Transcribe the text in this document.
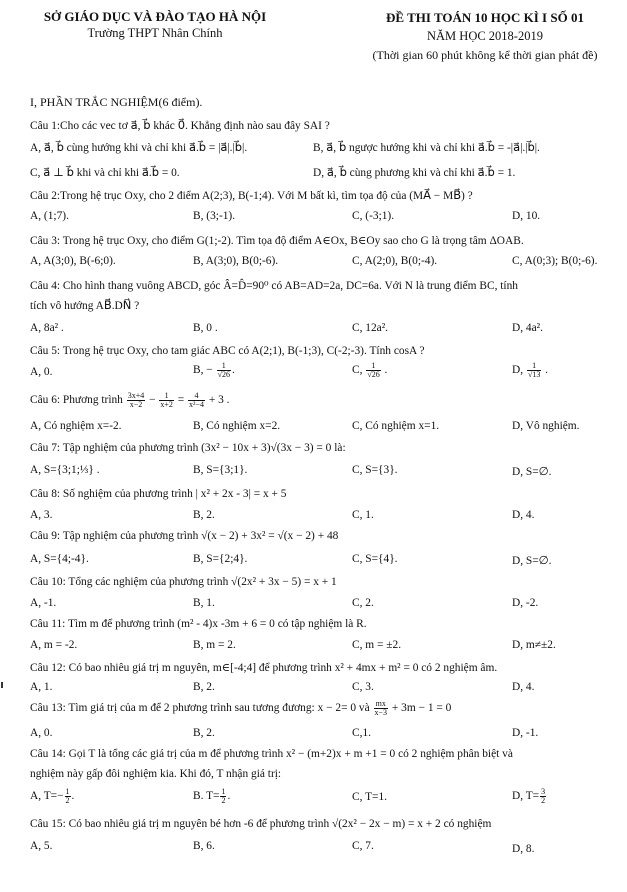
SỞ GIÁO DỤC VÀ ĐÀO TẠO HÀ NỘI
Trường THPT Nhân Chính
ĐỀ THI TOÁN 10 HỌC KÌ I SỐ 01
NĂM HỌC 2018-2019
(Thời gian 60 phút không kể thời gian phát đề)
I, PHẦN TRẮC NGHIỆM(6 điểm).
Câu 1:Cho các vec tơ a⃗, b⃗ khác 0⃗. Khẳng định nào sau đây SAI ?
A, a⃗, b⃗ cùng hướng khi và chỉ khi a⃗.b⃗ = |a⃗|.|b⃗|.	B, a⃗, b⃗ ngược hướng khi và chỉ khi a⃗.b⃗ = -|a⃗|.|b⃗|.
C, a⃗ ⊥ b⃗ khi và chỉ khi a⃗.b⃗ = 0.	D, a⃗, b⃗ cùng phương khi và chỉ khi a⃗.b⃗ = 1.
Câu 2:Trong hệ trục Oxy, cho 2 điểm A(2;3), B(-1;4). Với M bất kì, tìm tọa độ của (MA⃗ − MB⃗) ?
A, (1;7).	B, (3;-1).	C, (-3;1).	D, 10.
Câu 3: Trong hệ trục Oxy, cho điểm G(1;-2). Tìm tọa độ điểm A∈Ox, B∈Oy sao cho G là trọng tâm ΔOAB.
A, A(3;0), B(-6;0).	B, A(3;0), B(0;-6).	C, A(2;0), B(0;-4).	C, A(0;3); B(0;-6).
Câu 4: Cho hình thang vuông ABCD, góc Â=D̂=90⁰ có AB=AD=2a, DC=6a. Với N là trung điểm BC, tính
tích vô hướng AB⃗.DN⃗ ?
A, 8a² .	B, 0 .	C, 12a².	D, 4a².
Câu 5: Trong hệ trục Oxy, cho tam giác ABC có A(2;1), B(-1;3), C(-2;-3). Tính cosA ?
A, 0.	B, − $\frac{1}{√26}$ .	C, $\frac{1}{√26}$ .	D, $\frac{1}{√13}$ .
Câu 6: Phương trình $\frac{3x+4}{x-2} - \frac{1}{x+2} = \frac{4}{\text{x²−4}} + 3$ .
A, Có nghiệm x=-2.	B, Có nghiệm x=2.	C, Có nghiệm x=1.	D, Vô nghiệm.
Câu 7: Tập nghiệm của phương trình (3x² − 10x + 3)√(3x − 3) = 0 là:
A, S={3;1;⅓} .	B, S={3;1}.	C, S={3}.	D, S=∅.
Câu 8: Số nghiệm của phương trình | x² + 2x - 3| = x + 5
A, 3.	B, 2.	C, 1.	D, 4.
Câu 9: Tập nghiệm của phương trình √(x − 2) + 3x² = √(x − 2) + 48
A, S={4;-4}.	B, S={2;4}.	C, S={4}.	D, S=∅.
Câu 10: Tổng các nghiệm của phương trình √(2x² + 3x − 5) = x + 1
A, -1.	B, 1.	C, 2.	D, -2.
Câu 11: Tìm m để phương trình (m² - 4)x -3m + 6 = 0 có tập nghiệm là R.
A, m = -2.	B, m = 2.	C, m = ±2.	D, m≠±2.
Câu 12: Có bao nhiêu giá trị m nguyên, m∈[-4;4] để phương trình x² + 4mx + m² = 0 có 2 nghiệm âm.
A, 1.	B, 2.	C, 3.	D, 4.
Câu 13: Tìm giá trị của m để 2 phương trình sau tương đương: x − 2= 0 và $\frac{mx}{x-3} + 3m - 1 = 0$
A, 0.	B, 2.	C,1.	D, -1.
Câu 14: Gọi T là tổng các giá trị của m để phương trình x² − (m+2)x + m +1 = 0 có 2 nghiệm phân biệt và
nghiệm này gấp đôi nghiệm kia. Khi đó, T nhận giá trị:
A, $T=- \frac{1}{2}$ .	B. $T= \frac{1}{2}$ .	C, T=1.	D, $T= \frac{3}{2}$
Câu 15: Có bao nhiêu giá trị m nguyên bé hơn -6 để phương trình √(2x² − 2x − m) = x + 2 có nghiệm
A, 5.	B, 6.	C, 7.	D, 8.
